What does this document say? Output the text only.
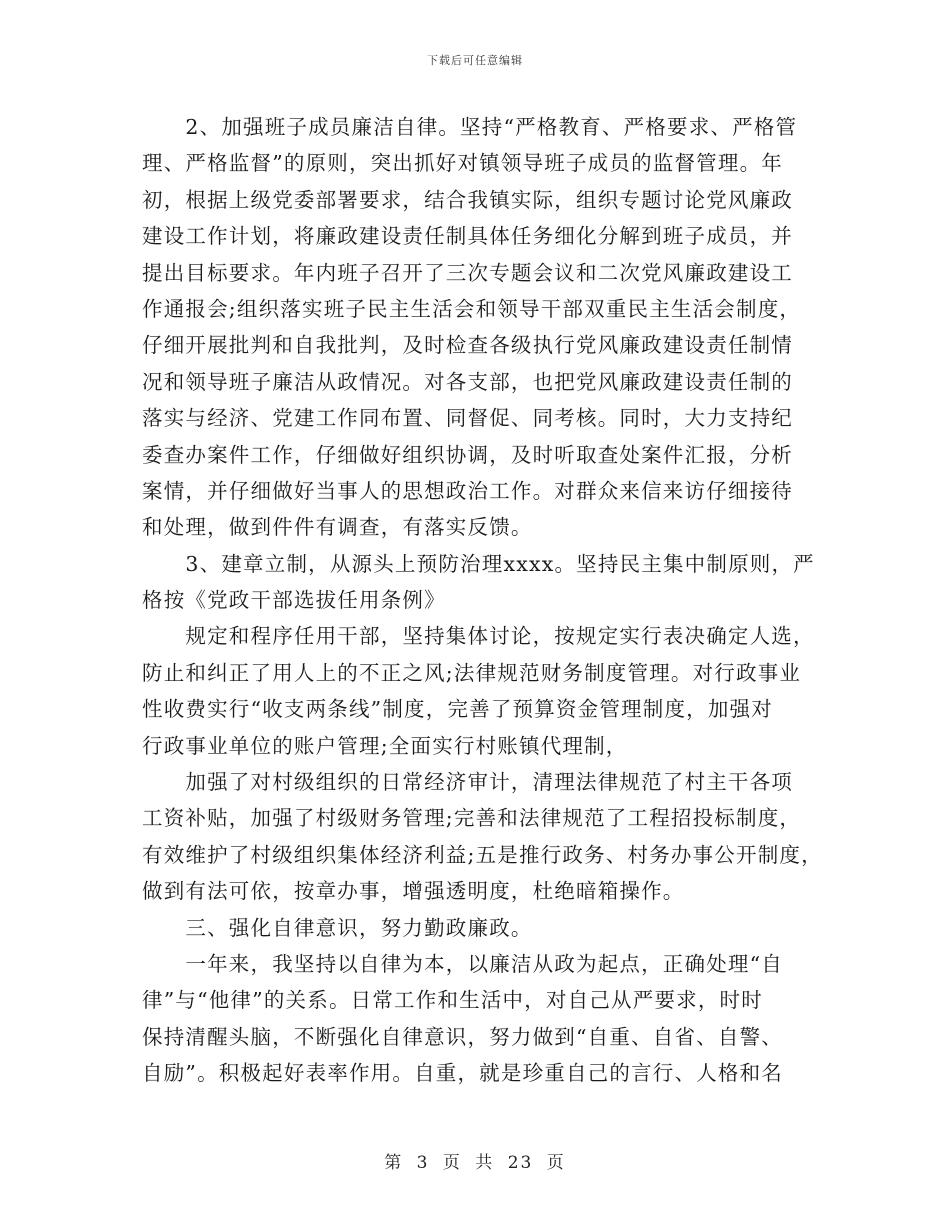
下载后可任意编辑

　　2、加强班子成员廉洁自律。坚持“严格教育、严格要求、严格管
理、严格监督”的原则，突出抓好对镇领导班子成员的监督管理。年
初，根据上级党委部署要求，结合我镇实际，组织专题讨论党风廉政
建设工作计划，将廉政建设责任制具体任务细化分解到班子成员，并
提出目标要求。年内班子召开了三次专题会议和二次党风廉政建设工
作通报会;组织落实班子民主生活会和领导干部双重民主生活会制度，
仔细开展批判和自我批判，及时检查各级执行党风廉政建设责任制情
况和领导班子廉洁从政情况。对各支部，也把党风廉政建设责任制的
落实与经济、党建工作同布置、同督促、同考核。同时，大力支持纪
委查办案件工作，仔细做好组织协调，及时听取查处案件汇报，分析
案情，并仔细做好当事人的思想政治工作。对群众来信来访仔细接待
和处理，做到件件有调查，有落实反馈。

　　3、建章立制，从源头上预防治理xxxx。坚持民主集中制原则，严
格按《党政干部选拔任用条例》

　　规定和程序任用干部，坚持集体讨论，按规定实行表决确定人选，
防止和纠正了用人上的不正之风;法律规范财务制度管理。对行政事业
性收费实行“收支两条线”制度，完善了预算资金管理制度，加强对
行政事业单位的账户管理;全面实行村账镇代理制，

　　加强了对村级组织的日常经济审计，清理法律规范了村主干各项
工资补贴，加强了村级财务管理;完善和法律规范了工程招投标制度，
有效维护了村级组织集体经济利益;五是推行政务、村务办事公开制度，
做到有法可依，按章办事，增强透明度，杜绝暗箱操作。

　　三、强化自律意识，努力勤政廉政。

　　一年来，我坚持以自律为本，以廉洁从政为起点，正确处理“自
律”与“他律”的关系。日常工作和生活中，对自己从严要求，时时
保持清醒头脑，不断强化自律意识，努力做到“自重、自省、自警、
自励”。积极起好表率作用。自重，就是珍重自己的言行、人格和名

第 3 页 共 23 页
